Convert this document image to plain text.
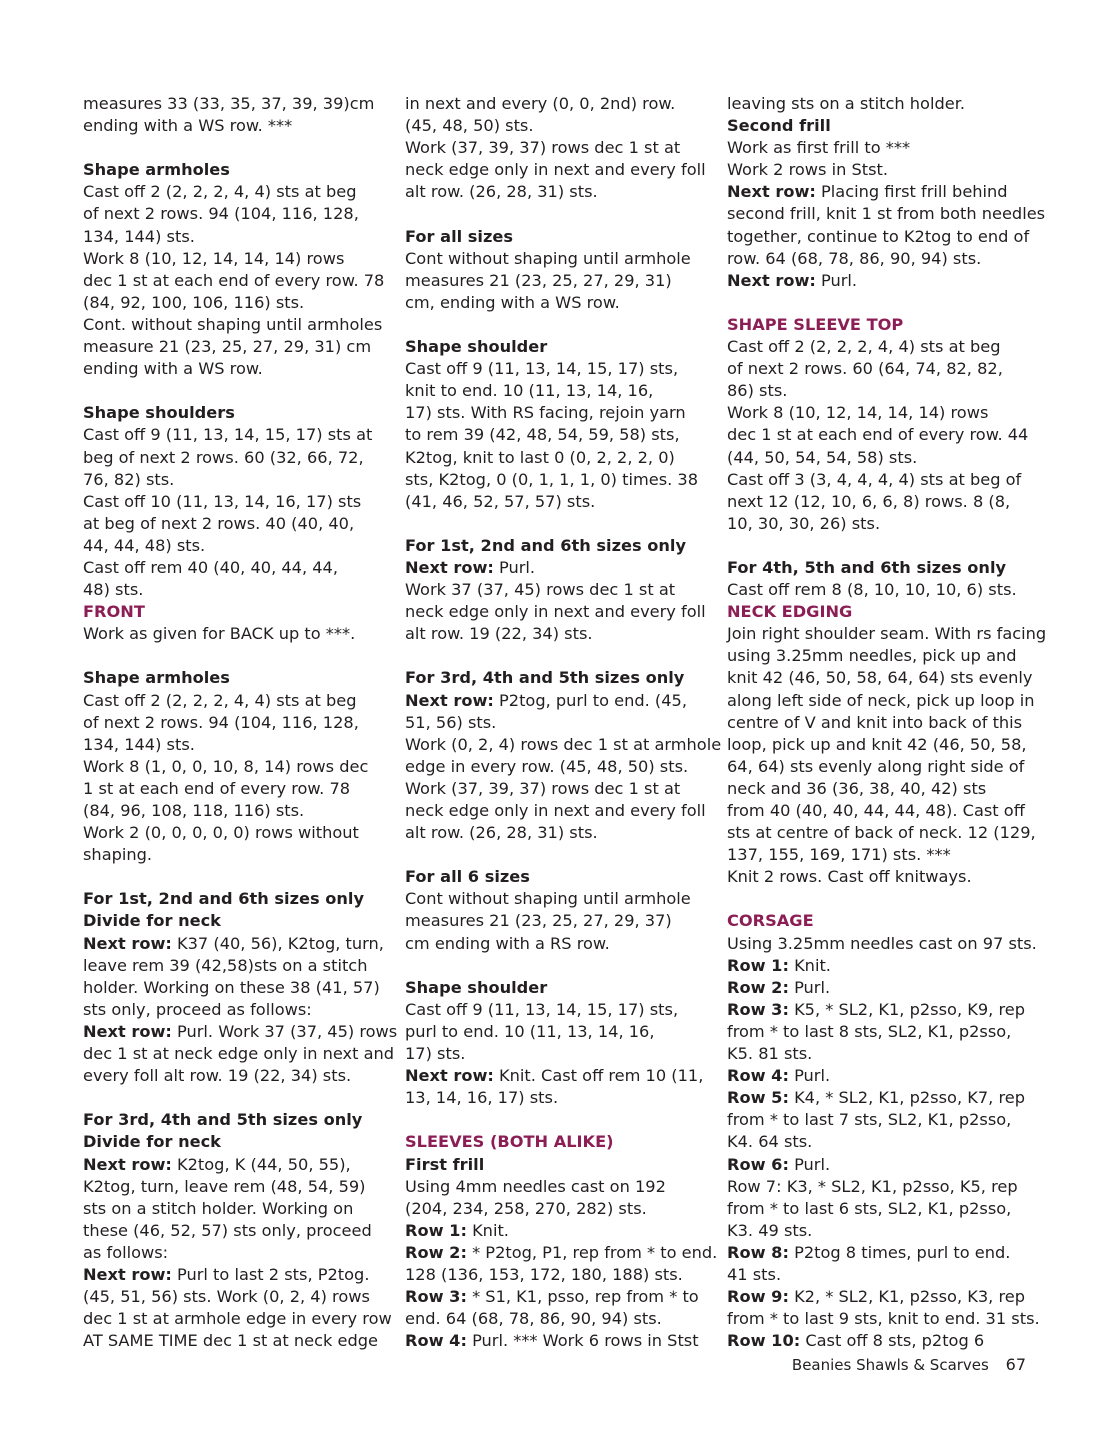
measures 33 (33, 35, 37, 39, 39)cm
ending with a WS row. ***
Shape armholes
Cast off 2 (2, 2, 2, 4, 4) sts at beg
of next 2 rows. 94 (104, 116, 128,
134, 144) sts.
Work 8 (10, 12, 14, 14, 14) rows
dec 1 st at each end of every row. 78
(84, 92, 100, 106, 116) sts.
Cont. without shaping until armholes
measure 21 (23, 25, 27, 29, 31) cm
ending with a WS row.
Shape shoulders
Cast off 9 (11, 13, 14, 15, 17) sts at
beg of next 2 rows. 60 (32, 66, 72,
76, 82) sts.
Cast off 10 (11, 13, 14, 16, 17) sts
at beg of next 2 rows. 40 (40, 40,
44, 44, 48) sts.
Cast off rem 40 (40, 40, 44, 44,
48) sts.
FRONT
Work as given for BACK up to ***.
Shape armholes
Cast off 2 (2, 2, 2, 4, 4) sts at beg
of next 2 rows. 94 (104, 116, 128,
134, 144) sts.
Work 8 (1, 0, 0, 10, 8, 14) rows dec
1 st at each end of every row. 78
(84, 96, 108, 118, 116) sts.
Work 2 (0, 0, 0, 0, 0) rows without
shaping.
For 1st, 2nd and 6th sizes only
Divide for neck
Next row: K37 (40, 56), K2tog, turn,
leave rem 39 (42,58)sts on a stitch
holder. Working on these 38 (41, 57)
sts only, proceed as follows:
Next row: Purl. Work 37 (37, 45) rows
dec 1 st at neck edge only in next and
every foll alt row. 19 (22, 34) sts.
For 3rd, 4th and 5th sizes only
Divide for neck
Next row: K2tog, K (44, 50, 55),
K2tog, turn, leave rem (48, 54, 59)
sts on a stitch holder. Working on
these (46, 52, 57) sts only, proceed
as follows:
Next row: Purl to last 2 sts, P2tog.
(45, 51, 56) sts. Work (0, 2, 4) rows
dec 1 st at armhole edge in every row
AT SAME TIME dec 1 st at neck edge
in next and every (0, 0, 2nd) row.
(45, 48, 50) sts.
Work (37, 39, 37) rows dec 1 st at
neck edge only in next and every foll
alt row. (26, 28, 31) sts.
For all sizes
Cont without shaping until armhole
measures 21 (23, 25, 27, 29, 31)
cm, ending with a WS row.
Shape shoulder
Cast off 9 (11, 13, 14, 15, 17) sts,
knit to end. 10 (11, 13, 14, 16,
17) sts. With RS facing, rejoin yarn
to rem 39 (42, 48, 54, 59, 58) sts,
K2tog, knit to last 0 (0, 2, 2, 2, 0)
sts, K2tog, 0 (0, 1, 1, 1, 0) times. 38
(41, 46, 52, 57, 57) sts.
For 1st, 2nd and 6th sizes only
Next row: Purl.
Work 37 (37, 45) rows dec 1 st at
neck edge only in next and every foll
alt row. 19 (22, 34) sts.
For 3rd, 4th and 5th sizes only
Next row: P2tog, purl to end. (45,
51, 56) sts.
Work (0, 2, 4) rows dec 1 st at armhole
edge in every row. (45, 48, 50) sts.
Work (37, 39, 37) rows dec 1 st at
neck edge only in next and every foll
alt row. (26, 28, 31) sts.
For all 6 sizes
Cont without shaping until armhole
measures 21 (23, 25, 27, 29, 37)
cm ending with a RS row.
Shape shoulder
Cast off 9 (11, 13, 14, 15, 17) sts,
purl to end. 10 (11, 13, 14, 16,
17) sts.
Next row: Knit. Cast off rem 10 (11,
13, 14, 16, 17) sts.
SLEEVES (BOTH ALIKE)
First frill
Using 4mm needles cast on 192
(204, 234, 258, 270, 282) sts.
Row 1: Knit.
Row 2: * P2tog, P1, rep from * to end.
128 (136, 153, 172, 180, 188) sts.
Row 3: * S1, K1, psso, rep from * to
end. 64 (68, 78, 86, 90, 94) sts.
Row 4: Purl. *** Work 6 rows in Stst
leaving sts on a stitch holder.
Second frill
Work as first frill to ***
Work 2 rows in Stst.
Next row: Placing first frill behind
second frill, knit 1 st from both needles
together, continue to K2tog to end of
row. 64 (68, 78, 86, 90, 94) sts.
Next row: Purl.
SHAPE SLEEVE TOP
Cast off 2 (2, 2, 2, 4, 4) sts at beg
of next 2 rows. 60 (64, 74, 82, 82,
86) sts.
Work 8 (10, 12, 14, 14, 14) rows
dec 1 st at each end of every row. 44
(44, 50, 54, 54, 58) sts.
Cast off 3 (3, 4, 4, 4, 4) sts at beg of
next 12 (12, 10, 6, 6, 8) rows. 8 (8,
10, 30, 30, 26) sts.
For 4th, 5th and 6th sizes only
Cast off rem 8 (8, 10, 10, 10, 6) sts.
NECK EDGING
Join right shoulder seam. With rs facing
using 3.25mm needles, pick up and
knit 42 (46, 50, 58, 64, 64) sts evenly
along left side of neck, pick up loop in
centre of V and knit into back of this
loop, pick up and knit 42 (46, 50, 58,
64, 64) sts evenly along right side of
neck and 36 (36, 38, 40, 42) sts
from 40 (40, 40, 44, 44, 48). Cast off
sts at centre of back of neck. 12 (129,
137, 155, 169, 171) sts. ***
Knit 2 rows. Cast off knitways.
CORSAGE
Using 3.25mm needles cast on 97 sts.
Row 1: Knit.
Row 2: Purl.
Row 3: K5, * SL2, K1, p2sso, K9, rep
from * to last 8 sts, SL2, K1, p2sso,
K5. 81 sts.
Row 4: Purl.
Row 5: K4, * SL2, K1, p2sso, K7, rep
from * to last 7 sts, SL2, K1, p2sso,
K4. 64 sts.
Row 6: Purl.
Row 7: K3, * SL2, K1, p2sso, K5, rep
from * to last 6 sts, SL2, K1, p2sso,
K3. 49 sts.
Row 8: P2tog 8 times, purl to end.
41 sts.
Row 9: K2, * SL2, K1, p2sso, K3, rep
from * to last 9 sts, knit to end. 31 sts.
Row 10: Cast off 8 sts, p2tog 6
Beanies Shawls & Scarves 67
